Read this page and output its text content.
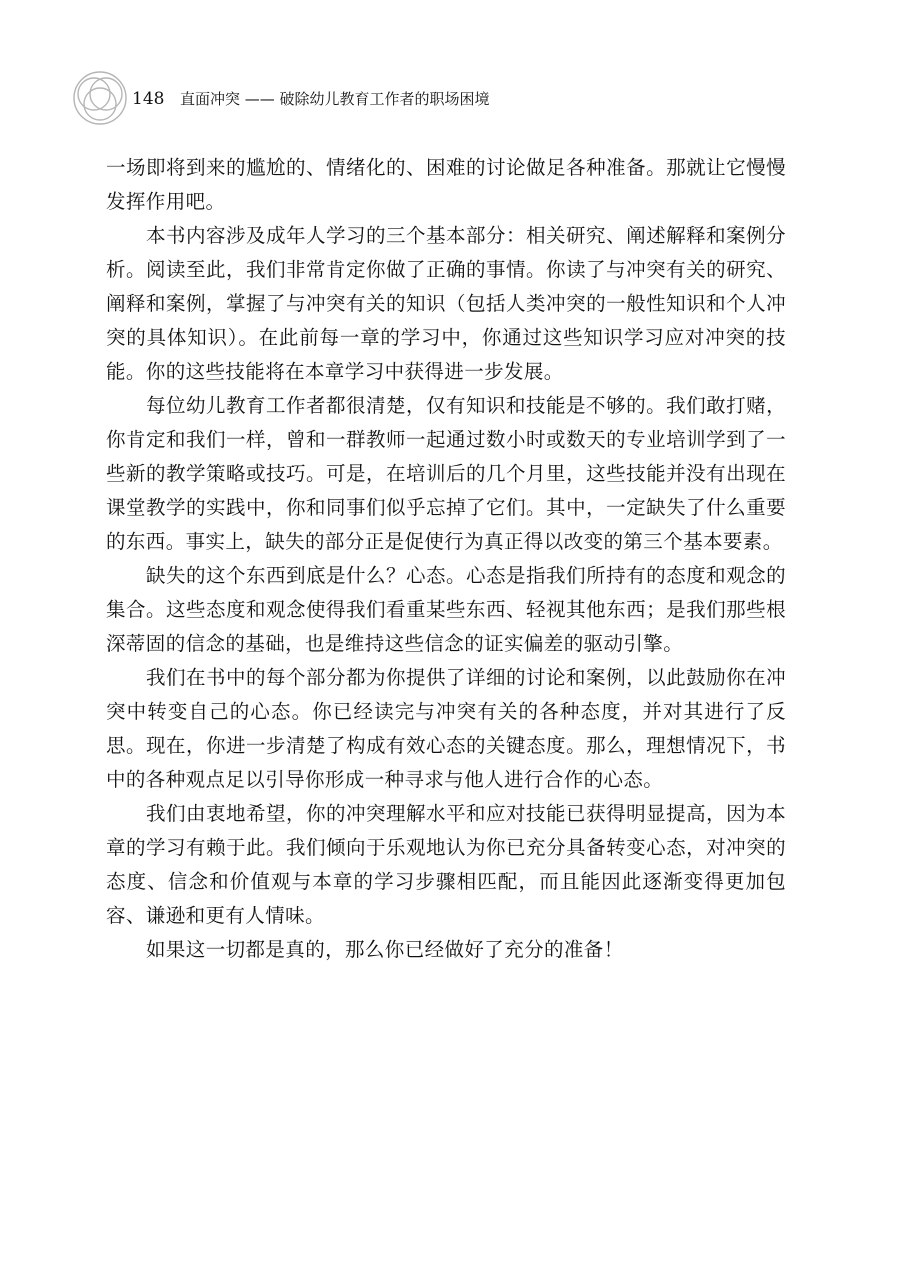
148 直面冲突 —— 破除幼儿教育工作者的职场困境

一场即将到来的尴尬的、情绪化的、困难的讨论做足各种准备。那就让它慢慢发挥作用吧。

本书内容涉及成年人学习的三个基本部分：相关研究、阐述解释和案例分析。阅读至此，我们非常肯定你做了正确的事情。你读了与冲突有关的研究、阐释和案例，掌握了与冲突有关的知识（包括人类冲突的一般性知识和个人冲突的具体知识）。在此前每一章的学习中，你通过这些知识学习应对冲突的技能。你的这些技能将在本章学习中获得进一步发展。

每位幼儿教育工作者都很清楚，仅有知识和技能是不够的。我们敢打赌，你肯定和我们一样，曾和一群教师一起通过数小时或数天的专业培训学到了一些新的教学策略或技巧。可是，在培训后的几个月里，这些技能并没有出现在课堂教学的实践中，你和同事们似乎忘掉了它们。其中，一定缺失了什么重要的东西。事实上，缺失的部分正是促使行为真正得以改变的第三个基本要素。

缺失的这个东西到底是什么？心态。心态是指我们所持有的态度和观念的集合。这些态度和观念使得我们看重某些东西、轻视其他东西；是我们那些根深蒂固的信念的基础，也是维持这些信念的证实偏差的驱动引擎。

我们在书中的每个部分都为你提供了详细的讨论和案例，以此鼓励你在冲突中转变自己的心态。你已经读完与冲突有关的各种态度，并对其进行了反思。现在，你进一步清楚了构成有效心态的关键态度。那么，理想情况下，书中的各种观点足以引导你形成一种寻求与他人进行合作的心态。

我们由衷地希望，你的冲突理解水平和应对技能已获得明显提高，因为本章的学习有赖于此。我们倾向于乐观地认为你已充分具备转变心态，对冲突的态度、信念和价值观与本章的学习步骤相匹配，而且能因此逐渐变得更加包容、谦逊和更有人情味。

如果这一切都是真的，那么你已经做好了充分的准备！
